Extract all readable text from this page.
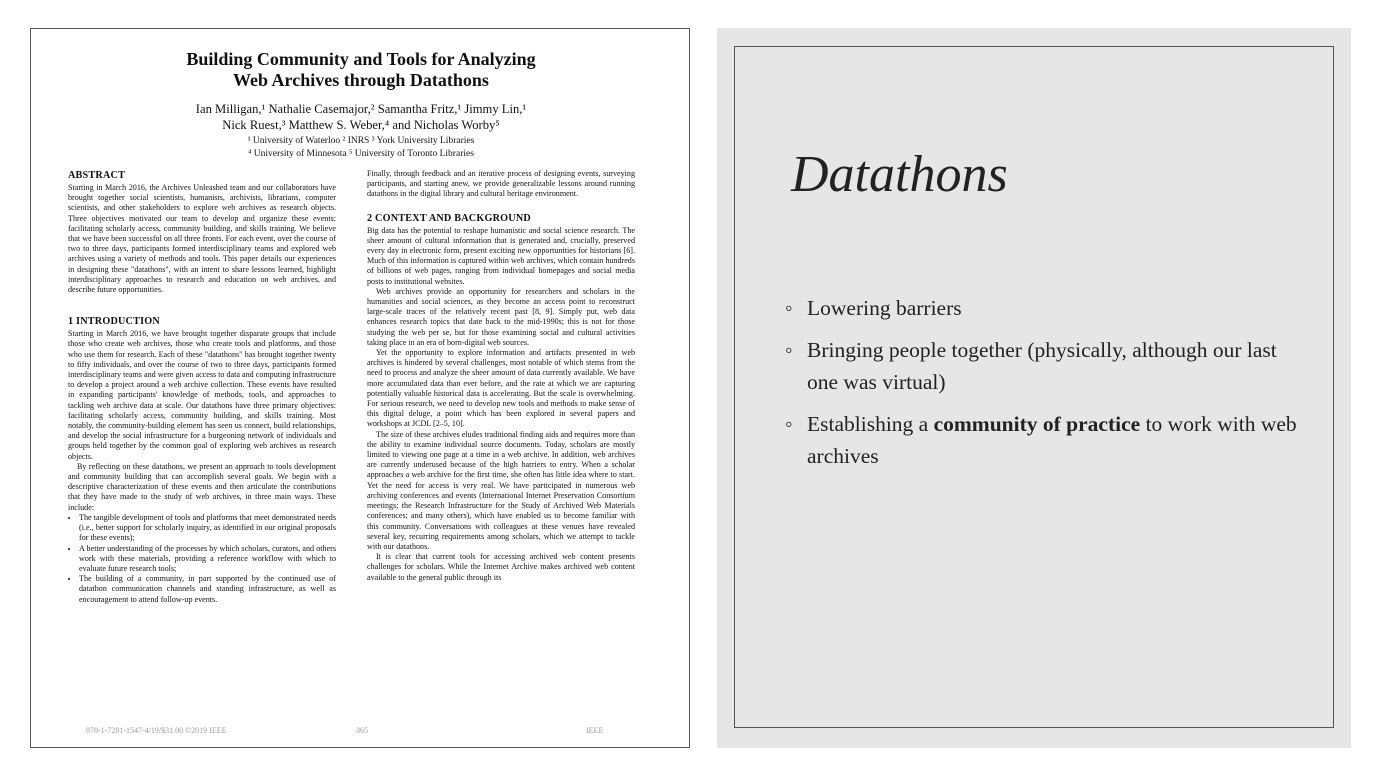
Building Community and Tools for Analyzing
Web Archives through Datathons
Ian Milligan,¹ Nathalie Casemajor,² Samantha Fritz,¹ Jimmy Lin,¹
Nick Ruest,³ Matthew S. Weber,⁴ and Nicholas Worby⁵
¹ University of Waterloo ² INRS ³ York University Libraries
⁴ University of Minnesota ⁵ University of Toronto Libraries
ABSTRACT

Starting in March 2016, the Archives Unleashed team and our collaborators have brought together social scientists, humanists, archivists, librarians, computer scientists, and other stakeholders to explore web archives as research objects. Three objectives motivated our team to develop and organize these events: facilitating scholarly access, community building, and skills training. We believe that we have been successful on all three fronts. For each event, over the course of two to three days, participants formed interdisciplinary teams and explored web archives using a variety of methods and tools. This paper details our experiences in designing these "datathons", with an intent to share lessons learned, highlight interdisciplinary approaches to research and education on web archives, and describe future opportunities.

1 INTRODUCTION

Starting in March 2016, we have brought together disparate groups that include those who create web archives, those who create tools and platforms, and those who use them for research. Each of these "datathons" has brought together twenty to fifty individuals, and over the course of two to three days, participants formed interdisciplinary teams and were given access to data and computing infrastructure to develop a project around a web archive collection. These events have resulted in expanding participants' knowledge of methods, tools, and approaches to tackling web archive data at scale. Our datathons have three primary objectives: facilitating scholarly access, community building, and skills training. Most notably, the community-building element has seen us connect, build relationships, and develop the social infrastructure for a burgeoning network of individuals and groups held together by the common goal of exploring web archives as research objects.

By reflecting on these datathons, we present an approach to tools development and community building that can accomplish several goals. We begin with a descriptive characterization of these events and then articulate the contributions that they have made to the study of web archives, in three main ways. These include:

• The tangible development of tools and platforms that meet demonstrated needs (i.e., better support for scholarly inquiry, as identified in our original proposals for these events);
• A better understanding of the processes by which scholars, curators, and others work with these materials, providing a reference workflow with which to evaluate future research tools;
• The building of a community, in part supported by the continued use of datathon communication channels and standing infrastructure, as well as encouragement to attend follow-up events.

Finally, through feedback and an iterative process of designing events, surveying participants, and starting anew, we provide generalizable lessons around running datathons in the digital library and cultural heritage environment.

2 CONTEXT AND BACKGROUND

Big data has the potential to reshape humanistic and social science research. The sheer amount of cultural information that is generated and, crucially, preserved every day in electronic form, present exciting new opportunities for historians [6]. Much of this information is captured within web archives, which contain hundreds of billions of web pages, ranging from individual homepages and social media posts to institutional websites.

Web archives provide an opportunity for researchers and scholars in the humanities and social sciences, as they become an access point to reconstruct large-scale traces of the relatively recent past [8, 9]. Simply put, web data enhances research topics that date back to the mid-1990s; this is not for those studying the web per se, but for those examining social and cultural activities taking place in an era of born-digital web sources.

Yet the opportunity to explore information and artifacts presented in web archives is hindered by several challenges, most notable of which stems from the need to process and analyze the sheer amount of data currently available. We have more accumulated data than ever before, and the rate at which we are capturing potentially valuable historical data is accelerating. But the scale is overwhelming. For serious research, we need to develop new tools and methods to make sense of this digital deluge, a point which has been explored in several papers and workshops at JCDL [2–5, 10].

The size of these archives eludes traditional finding aids and requires more than the ability to examine individual source documents. Today, scholars are mostly limited to viewing one page at a time in a web archive. In addition, web archives are currently underused because of the high barriers to entry. When a scholar approaches a web archive for the first time, she often has little idea where to start. Yet the need for access is very real. We have participated in numerous web archiving conferences and events (International Internet Preservation Consortium meetings; the Research Infrastructure for the Study of Archived Web Materials conferences; and many others), which have enabled us to become familiar with this community. Conversations with colleagues at these venues have revealed several key, recurring requirements among scholars, which we attempt to tackle with our datathons.

It is clear that current tools for accessing archived web content presents challenges for scholars. While the Internet Archive makes archived web content available to the general public through its

978-1-7281-1547-4/19/$31.00 ©2019 IEEE	365	IEEE
Datathons
◦ Lowering barriers
◦ Bringing people together (physically, although our last one was virtual)
◦ Establishing a community of practice to work with web archives
